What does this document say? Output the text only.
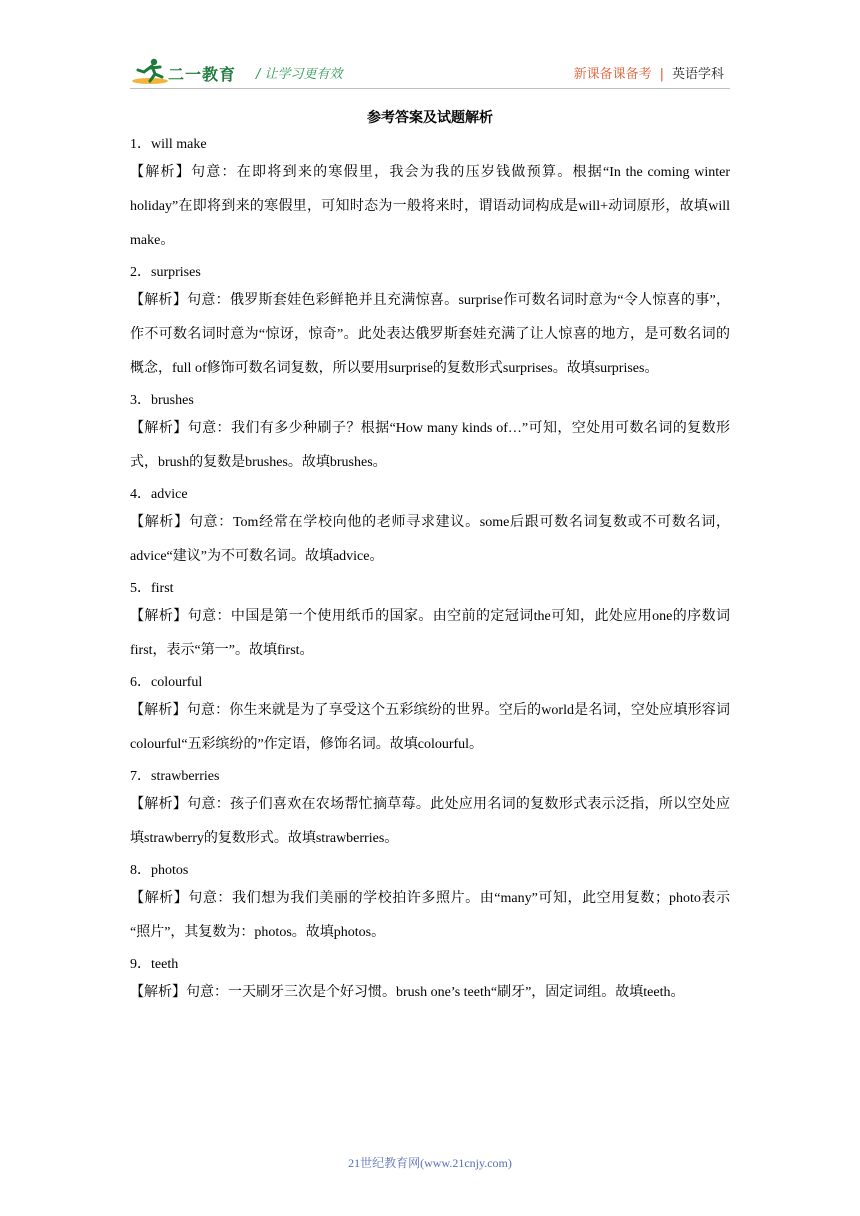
二一教育 / 让学习更有效	新课备课备考 | 英语学科
参考答案及试题解析
1．will make
【解析】句意：在即将到来的寒假里，我会为我的压岁钱做预算。根据“In the coming winter holiday”在即将到来的寒假里，可知时态为一般将来时，谓语动词构成是will+动词原形，故填will make。
2．surprises
【解析】句意：俄罗斯套娃色彩鲜艳并且充满惊喜。surprise作可数名词时意为“令人惊喜的事”，作不可数名词时意为“惊讶，惊奇”。此处表达俄罗斯套娃充满了让人惊喜的地方，是可数名词的概念，full of修饰可数名词复数，所以要用surprise的复数形式surprises。故填surprises。
3．brushes
【解析】句意：我们有多少种刷子？根据“How many kinds of…”可知，空处用可数名词的复数形式，brush的复数是brushes。故填brushes。
4．advice
【解析】句意：Tom经常在学校向他的老师寻求建议。some后跟可数名词复数或不可数名词，advice“建议”为不可数名词。故填advice。
5．first
【解析】句意：中国是第一个使用纸币的国家。由空前的定冠词the可知，此处应用one的序数词first，表示“第一”。故填first。
6．colourful
【解析】句意：你生来就是为了享受这个五彩缤纷的世界。空后的world是名词，空处应填形容词colourful“五彩缤纷的”作定语，修饰名词。故填colourful。
7．strawberries
【解析】句意：孩子们喜欢在农场帮忙摘草莓。此处应用名词的复数形式表示泛指，所以空处应填strawberry的复数形式。故填strawberries。
8．photos
【解析】句意：我们想为我们美丽的学校拍许多照片。由“many”可知，此空用复数；photo表示 “照片”，其复数为：photos。故填photos。
9．teeth
【解析】句意：一天刷牙三次是个好习惯。brush one’s teeth“刷牙”，固定词组。故填teeth。
21世纪教育网(www.21cnjy.com)
